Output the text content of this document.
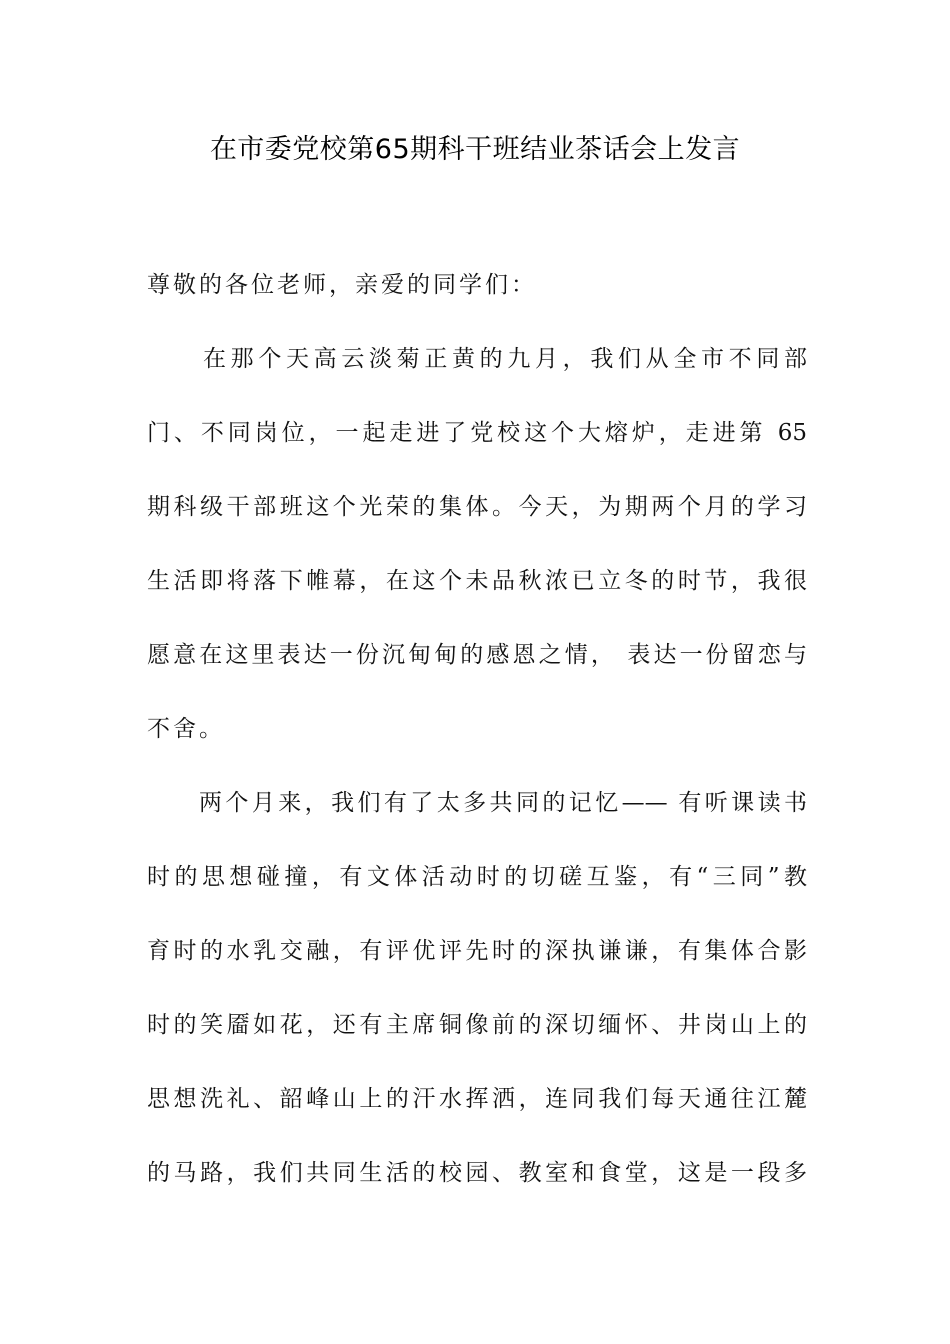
在市委党校第65期科干班结业茶话会上发言
尊敬的各位老师，亲爱的同学们：
在那个天高云淡菊正黄的九月，我们从全市不同部
门、不同岗位，一起走进了党校这个大熔炉，走进第 65
期科级干部班这个光荣的集体。今天，为期两个月的学习
生活即将落下帷幕，在这个未品秋浓已立冬的时节，我很
愿意在这里表达一份沉甸甸的感恩之情， 表达一份留恋与
不舍。
两个月来，我们有了太多共同的记忆—— 有听课读书
时的思想碰撞，有文体活动时的切磋互鉴，有“三同”教
育时的水乳交融，有评优评先时的深执谦谦，有集体合影
时的笑靥如花，还有主席铜像前的深切缅怀、井岗山上的
思想洗礼、韶峰山上的汗水挥洒，连同我们每天通往江麓
的马路，我们共同生活的校园、教室和食堂，这是一段多
